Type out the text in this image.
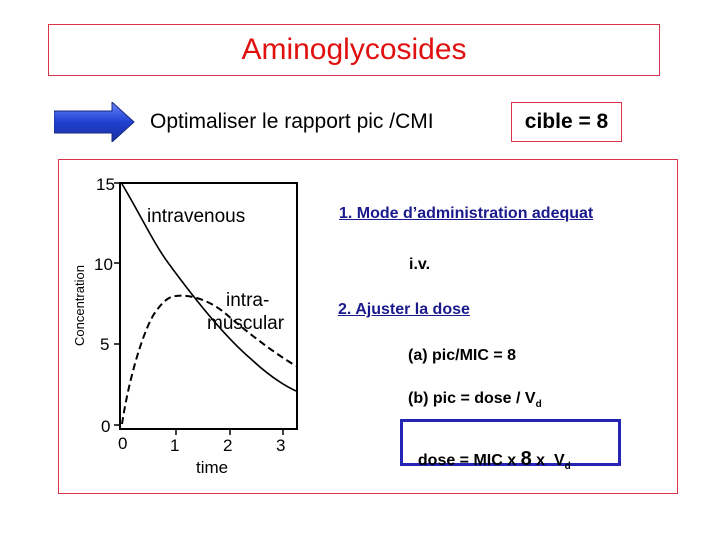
Aminoglycosides
Optimaliser le rapport pic /CMI	cible = 8
15
10
5
0
0	1	2	3
time
Concentration
intravenous
intra-
muscular
1. Mode d’administration adequat
i.v.
2. Ajuster la dose
(a) pic/MIC = 8
(b) pic = dose / $V_d$

dose = MIC x 8 x  $V_d$
